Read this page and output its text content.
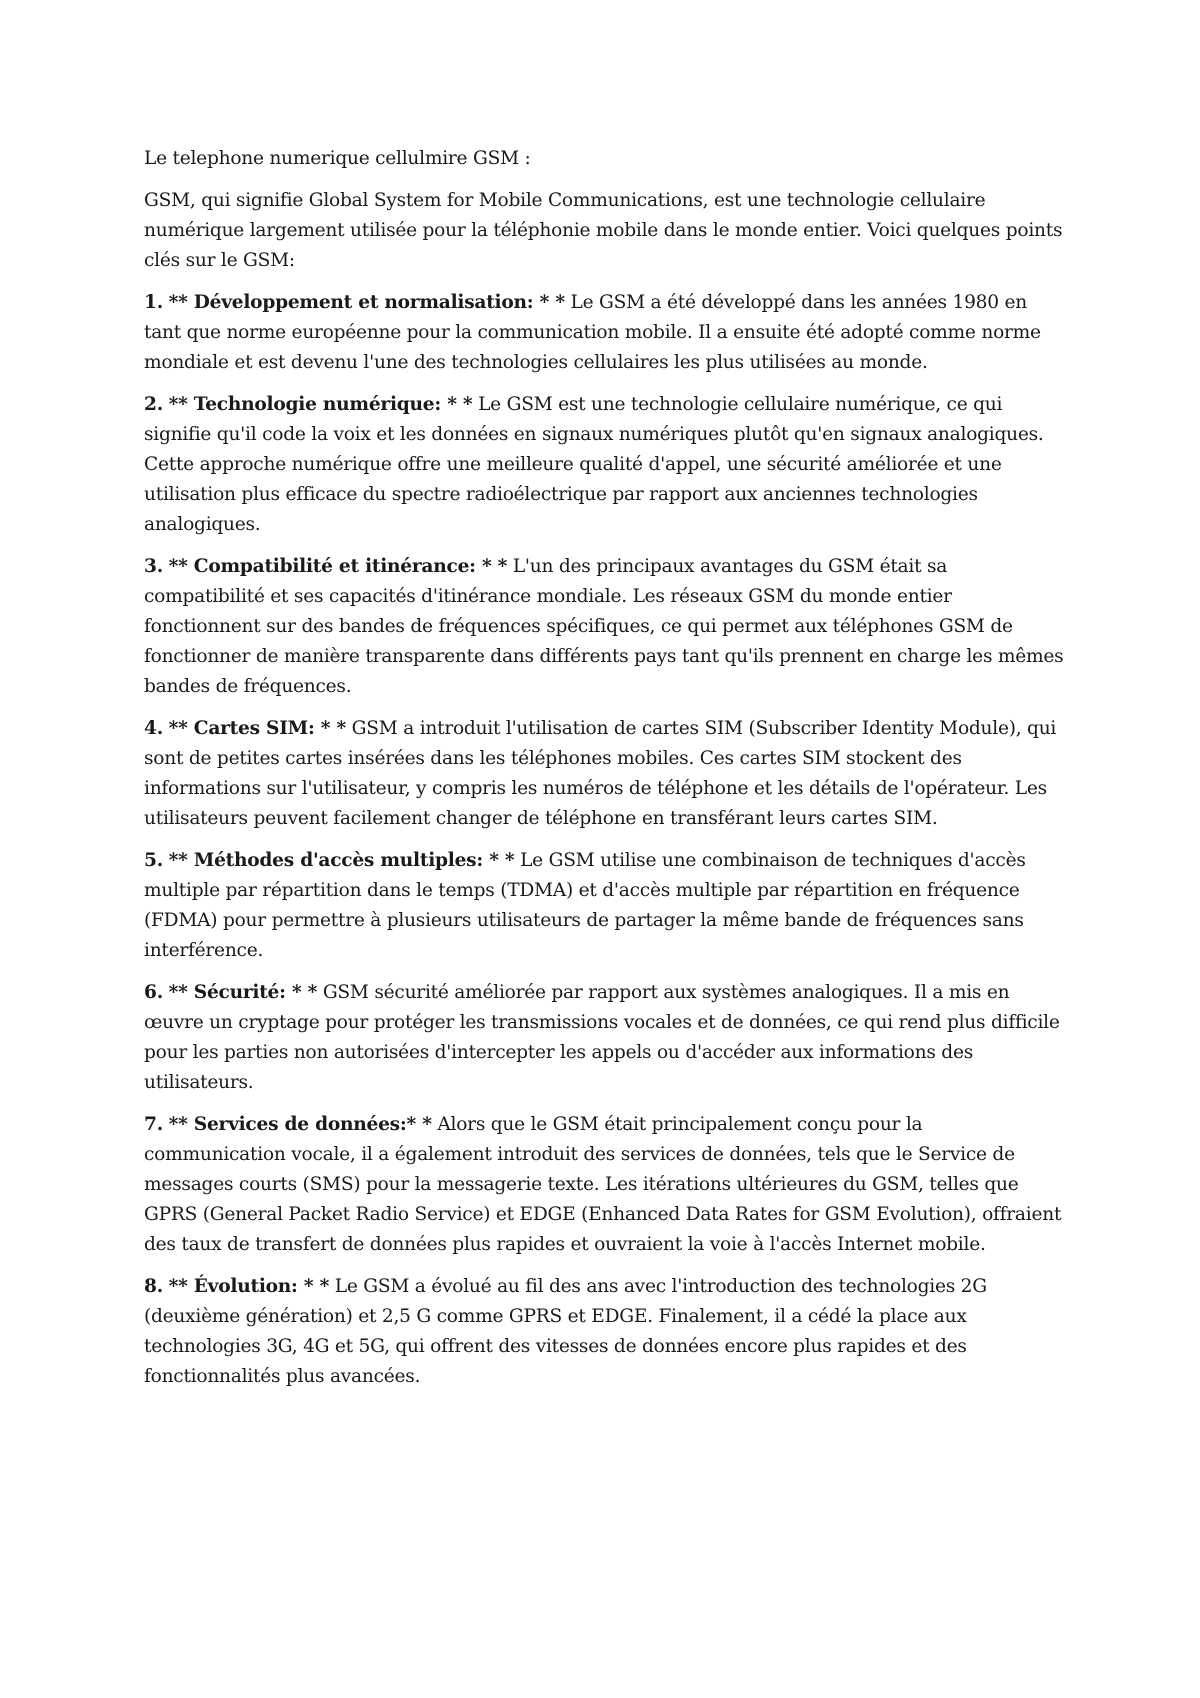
Le telephone numerique cellulmire GSM :

GSM, qui signifie Global System for Mobile Communications, est une technologie cellulaire numérique largement utilisée pour la téléphonie mobile dans le monde entier. Voici quelques points clés sur le GSM:

1. ** Développement et normalisation: * * Le GSM a été développé dans les années 1980 en tant que norme européenne pour la communication mobile. Il a ensuite été adopté comme norme mondiale et est devenu l'une des technologies cellulaires les plus utilisées au monde.

2. ** Technologie numérique: * * Le GSM est une technologie cellulaire numérique, ce qui signifie qu'il code la voix et les données en signaux numériques plutôt qu'en signaux analogiques. Cette approche numérique offre une meilleure qualité d'appel, une sécurité améliorée et une utilisation plus efficace du spectre radioélectrique par rapport aux anciennes technologies analogiques.

3. ** Compatibilité et itinérance: * * L'un des principaux avantages du GSM était sa compatibilité et ses capacités d'itinérance mondiale. Les réseaux GSM du monde entier fonctionnent sur des bandes de fréquences spécifiques, ce qui permet aux téléphones GSM de fonctionner de manière transparente dans différents pays tant qu'ils prennent en charge les mêmes bandes de fréquences.

4. ** Cartes SIM: * * GSM a introduit l'utilisation de cartes SIM (Subscriber Identity Module), qui sont de petites cartes insérées dans les téléphones mobiles. Ces cartes SIM stockent des informations sur l'utilisateur, y compris les numéros de téléphone et les détails de l'opérateur. Les utilisateurs peuvent facilement changer de téléphone en transférant leurs cartes SIM.

5. ** Méthodes d'accès multiples: * * Le GSM utilise une combinaison de techniques d'accès multiple par répartition dans le temps (TDMA) et d'accès multiple par répartition en fréquence (FDMA) pour permettre à plusieurs utilisateurs de partager la même bande de fréquences sans interférence.

6. ** Sécurité: * * GSM sécurité améliorée par rapport aux systèmes analogiques. Il a mis en œuvre un cryptage pour protéger les transmissions vocales et de données, ce qui rend plus difficile pour les parties non autorisées d'intercepter les appels ou d'accéder aux informations des utilisateurs.

7. ** Services de données:* * Alors que le GSM était principalement conçu pour la communication vocale, il a également introduit des services de données, tels que le Service de messages courts (SMS) pour la messagerie texte. Les itérations ultérieures du GSM, telles que GPRS (General Packet Radio Service) et EDGE (Enhanced Data Rates for GSM Evolution), offraient des taux de transfert de données plus rapides et ouvraient la voie à l'accès Internet mobile.

8. ** Évolution: * * Le GSM a évolué au fil des ans avec l'introduction des technologies 2G (deuxième génération) et 2,5 G comme GPRS et EDGE. Finalement, il a cédé la place aux technologies 3G, 4G et 5G, qui offrent des vitesses de données encore plus rapides et des fonctionnalités plus avancées.
